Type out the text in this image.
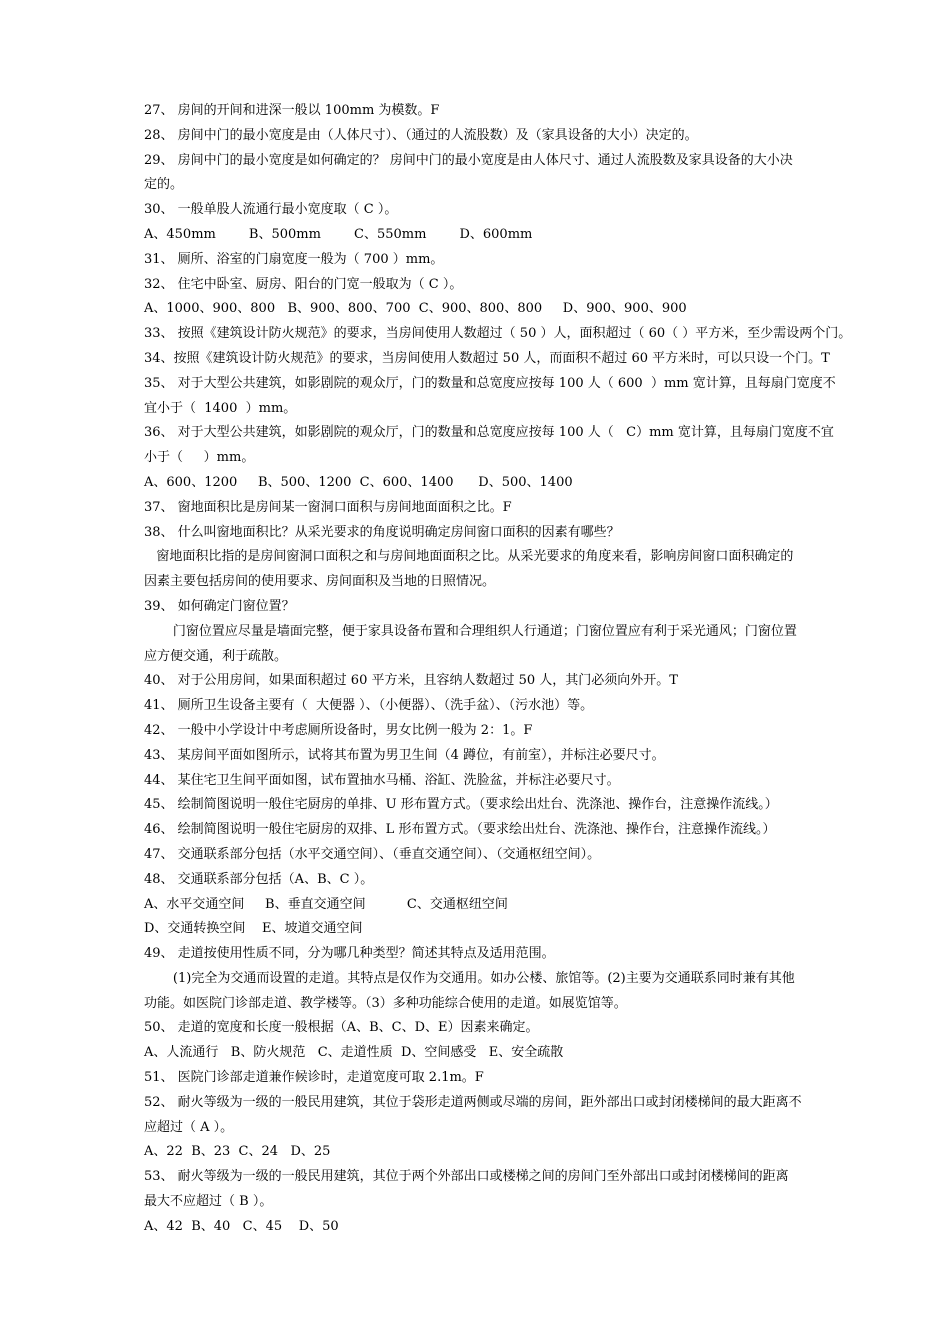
27、 房间的开间和进深一般以 100mm 为模数。F
28、 房间中门的最小宽度是由（人体尺寸）、（通过的人流股数）及（家具设备的大小）决定的。
29、 房间中门的最小宽度是如何确定的？ 房间中门的最小宽度是由人体尺寸、通过人流股数及家具设备的大小决
定的。
30、 一般单股人流通行最小宽度取（ C ）。
A、450mm        B、500mm        C、550mm        D、600mm
31、 厕所、浴室的门扇宽度一般为（ 700 ）mm。
32、 住宅中卧室、厨房、阳台的门宽一般取为（ C ）。
A、1000、900、800   B、900、800、700  C、900、800、800     D、900、900、900
33、 按照《建筑设计防火规范》的要求，当房间使用人数超过（ 50 ）人，面积超过（ 60（ ）平方米，至少需设两个门。
34、按照《建筑设计防火规范》的要求，当房间使用人数超过 50 人，而面积不超过 60 平方米时，可以只设一个门。T
35、 对于大型公共建筑，如影剧院的观众厅，门的数量和总宽度应按每 100 人（ 600  ）mm 宽计算，且每扇门宽度不
宜小于（  1400  ）mm。
36、 对于大型公共建筑，如影剧院的观众厅，门的数量和总宽度应按每 100 人（   C）mm 宽计算，且每扇门宽度不宜
小于（     ）mm。
A、600、1200     B、500、1200  C、600、1400      D、500、1400
37、 窗地面积比是房间某一窗洞口面积与房间地面面积之比。F
38、 什么叫窗地面积比？从采光要求的角度说明确定房间窗口面积的因素有哪些？
窗地面积比指的是房间窗洞口面积之和与房间地面面积之比。从采光要求的角度来看，影响房间窗口面积确定的
因素主要包括房间的使用要求、房间面积及当地的日照情况。
39、 如何确定门窗位置？
门窗位置应尽量是墙面完整，便于家具设备布置和合理组织人行通道；门窗位置应有利于采光通风；门窗位置
应方便交通，利于疏散。
40、 对于公用房间，如果面积超过 60 平方米，且容纳人数超过 50 人，其门必须向外开。T
41、 厕所卫生设备主要有（  大便器 ）、（小便器）、（洗手盆）、（污水池）等。
42、 一般中小学设计中考虑厕所设备时，男女比例一般为 2：1。F
43、 某房间平面如图所示，试将其布置为男卫生间（4 蹲位，有前室），并标注必要尺寸。
44、 某住宅卫生间平面如图，试布置抽水马桶、浴缸、洗脸盆，并标注必要尺寸。
45、 绘制简图说明一般住宅厨房的单排、U 形布置方式。（要求绘出灶台、洗涤池、操作台，注意操作流线。）
46、 绘制简图说明一般住宅厨房的双排、L 形布置方式。（要求绘出灶台、洗涤池、操作台，注意操作流线。）
47、 交通联系部分包括（水平交通空间）、（垂直交通空间）、（交通枢纽空间）。
48、 交通联系部分包括（A、B、C ）。
A、水平交通空间     B、垂直交通空间          C、交通枢纽空间
D、交通转换空间    E、坡道交通空间
49、 走道按使用性质不同，分为哪几种类型？简述其特点及适用范围。
(1)完全为交通而设置的走道。其特点是仅作为交通用。如办公楼、旅馆等。(2)主要为交通联系同时兼有其他
功能。如医院门诊部走道、教学楼等。（3）多种功能综合使用的走道。如展览馆等。
50、 走道的宽度和长度一般根据（A、B、C、D、E）因素来确定。
A、人流通行   B、防火规范   C、走道性质  D、空间感受   E、安全疏散
51、 医院门诊部走道兼作候诊时，走道宽度可取 2.1m。F
52、 耐火等级为一级的一般民用建筑，其位于袋形走道两侧或尽端的房间，距外部出口或封闭楼梯间的最大距离不
应超过（ A ）。
A、22  B、23  C、24   D、25
53、 耐火等级为一级的一般民用建筑，其位于两个外部出口或楼梯之间的房间门至外部出口或封闭楼梯间的距离
最大不应超过（ B ）。
A、42  B、40   C、45    D、50
